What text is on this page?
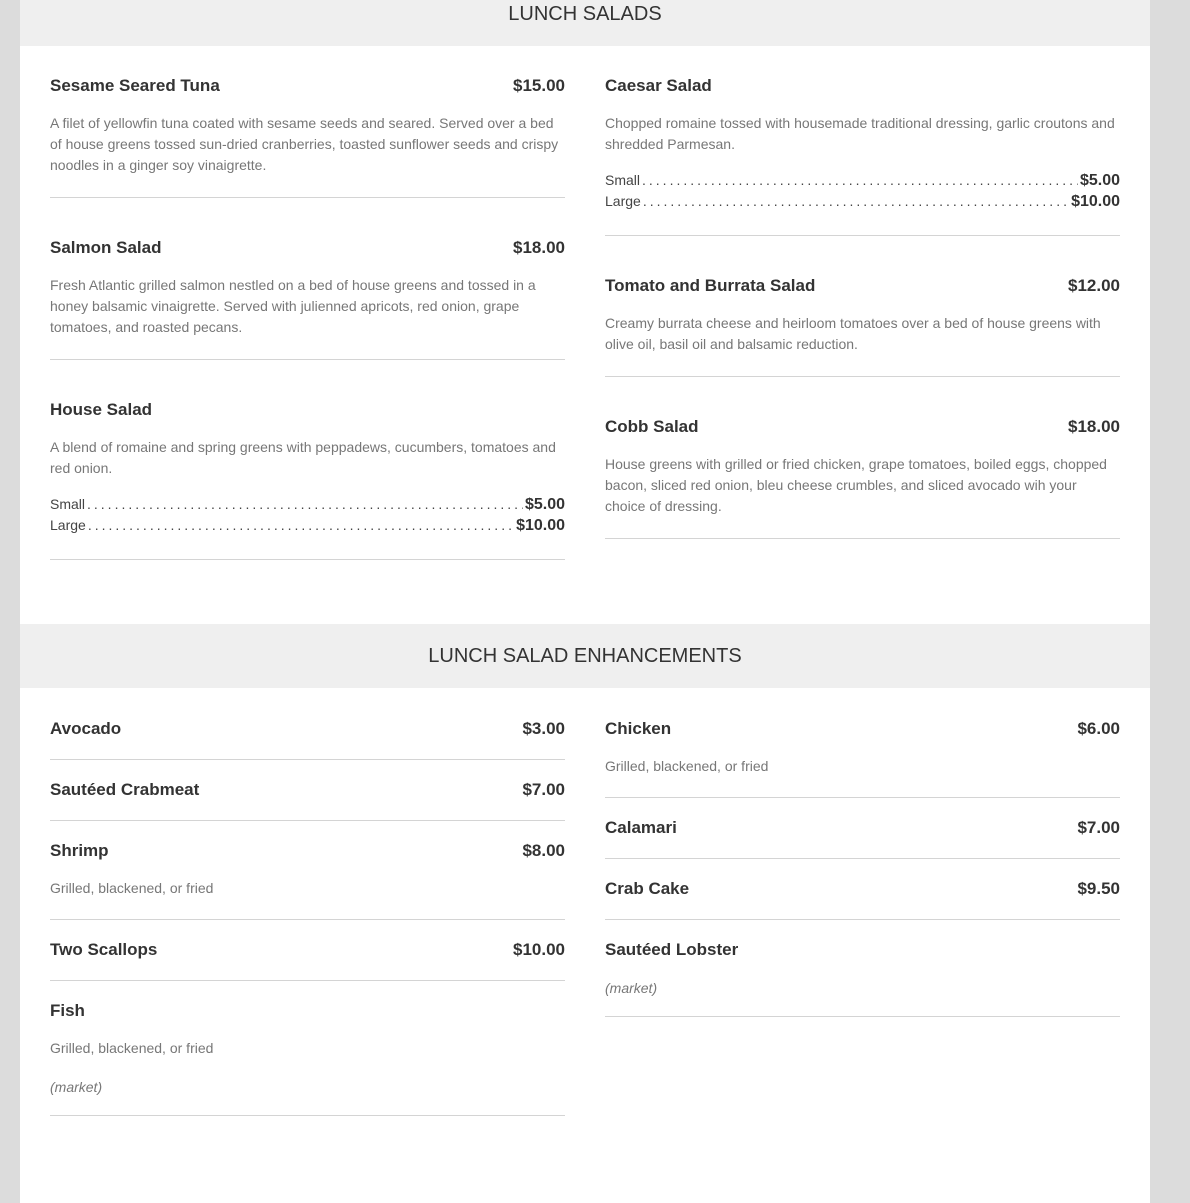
LUNCH SALADS
Sesame Seared Tuna	$15.00
A filet of yellowfin tuna coated with sesame seeds and seared. Served over a bed of house greens tossed sun-dried cranberries, toasted sunflower seeds and crispy noodles in a ginger soy vinaigrette.
Salmon Salad	$18.00
Fresh Atlantic grilled salmon nestled on a bed of house greens and tossed in a honey balsamic vinaigrette. Served with julienned apricots, red onion, grape tomatoes, and roasted pecans.
House Salad
A blend of romaine and spring greens with peppadews, cucumbers, tomatoes and red onion.
Small .....	$5.00
Large .....	$10.00
Caesar Salad
Chopped romaine tossed with housemade traditional dressing, garlic croutons and shredded Parmesan.
Small .....	$5.00
Large .....	$10.00
Tomato and Burrata Salad	$12.00
Creamy burrata cheese and heirloom tomatoes over a bed of house greens with olive oil, basil oil and balsamic reduction.
Cobb Salad	$18.00
House greens with grilled or fried chicken, grape tomatoes, boiled eggs, chopped bacon, sliced red onion, bleu cheese crumbles, and sliced avocado wih your choice of dressing.
LUNCH SALAD ENHANCEMENTS
Avocado	$3.00
Sautéed Crabmeat	$7.00
Shrimp	$8.00
Grilled, blackened, or fried
Two Scallops	$10.00
Fish
Grilled, blackened, or fried
(market)
Chicken	$6.00
Grilled, blackened, or fried
Calamari	$7.00
Crab Cake	$9.50
Sautéed Lobster
(market)
